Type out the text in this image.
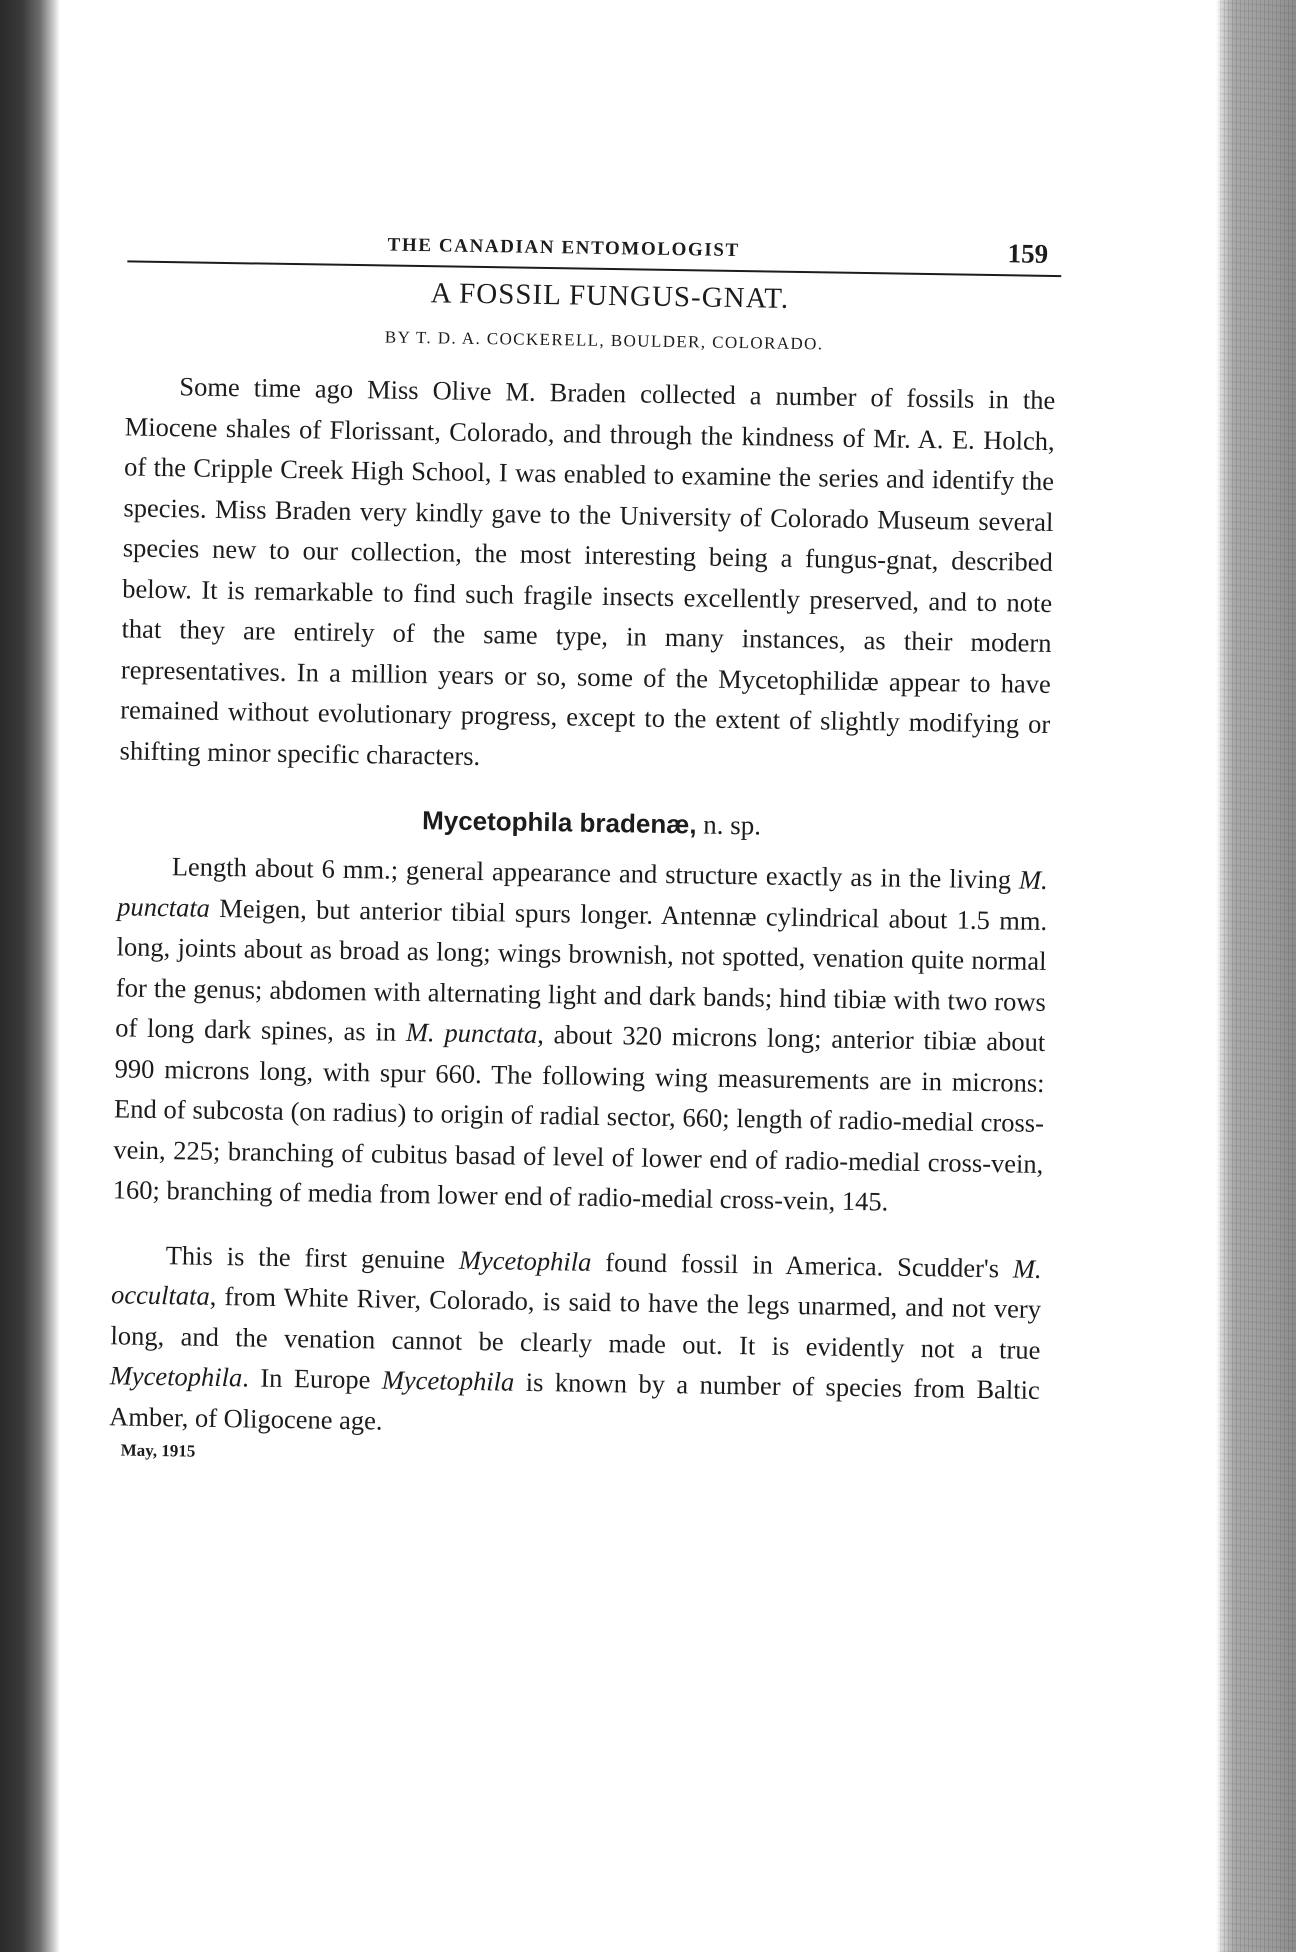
THE CANADIAN ENTOMOLOGIST	159
A FOSSIL FUNGUS-GNAT.
BY T. D. A. COCKERELL, BOULDER, COLORADO.

Some time ago Miss Olive M. Braden collected a number of fossils in the Miocene shales of Florissant, Colorado, and through the kindness of Mr. A. E. Holch, of the Cripple Creek High School, I was enabled to examine the series and identify the species. Miss Braden very kindly gave to the University of Colorado Museum several species new to our collection, the most interesting being a fungus-gnat, described below. It is remarkable to find such fragile insects excellently preserved, and to note that they are entirely of the same type, in many instances, as their modern representatives. In a million years or so, some of the Mycetophilidæ appear to have remained without evolutionary progress, except to the extent of slightly modifying or shifting minor specific characters.

Mycetophila bradenæ, n. sp.

Length about 6 mm.; general appearance and structure exactly as in the living M. punctata Meigen, but anterior tibial spurs longer. Antennæ cylindrical about 1.5 mm. long, joints about as broad as long; wings brownish, not spotted, venation quite normal for the genus; abdomen with alternating light and dark bands; hind tibiæ with two rows of long dark spines, as in M. punctata, about 320 microns long; anterior tibiæ about 990 microns long, with spur 660. The following wing measurements are in microns: End of subcosta (on radius) to origin of radial sector, 660; length of radio-medial cross-vein, 225; branching of cubitus basad of level of lower end of radio-medial cross-vein, 160; branching of media from lower end of radio-medial cross-vein, 145.

This is the first genuine Mycetophila found fossil in America. Scudder's M. occultata, from White River, Colorado, is said to have the legs unarmed, and not very long, and the venation cannot be clearly made out. It is evidently not a true Mycetophila. In Europe Mycetophila is known by a number of species from Baltic Amber, of Oligocene age.

May, 1915
